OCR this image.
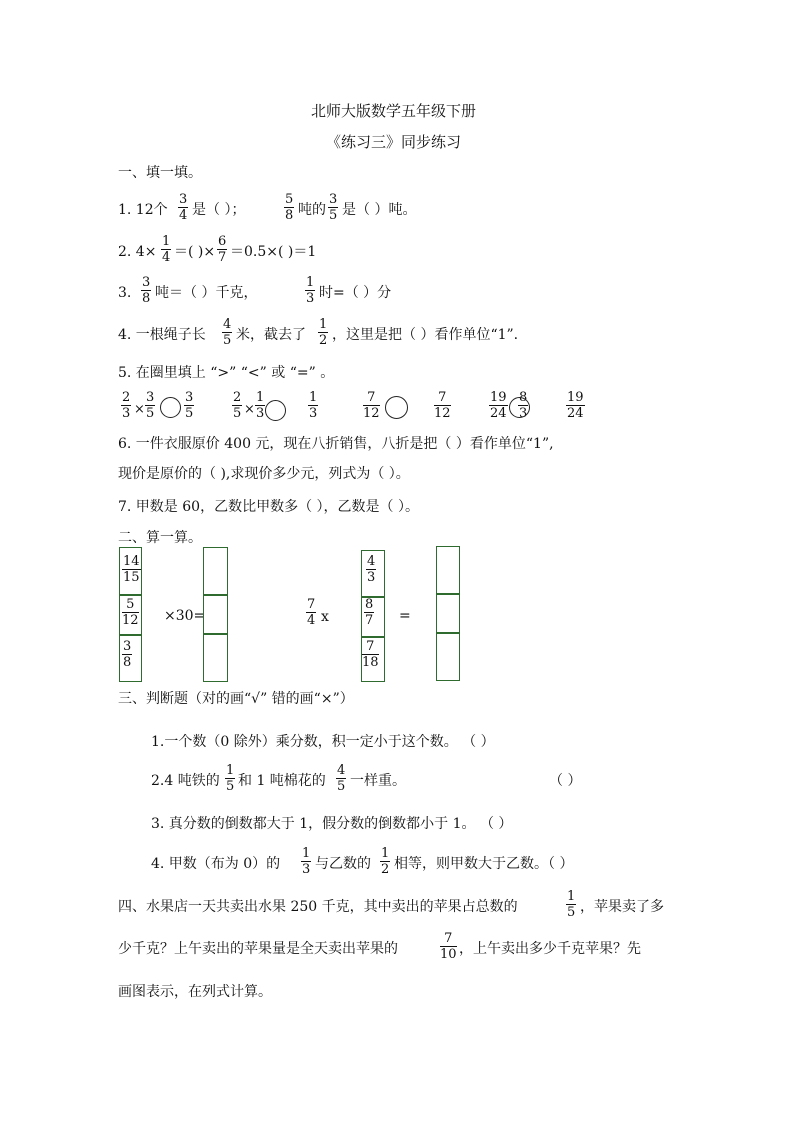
北师大版数学五年级下册
《练习三》同步练习
一、填一填。
1. 12个 $\frac{3}{4}$ 是（ ）；	$\frac{5}{8}$ 吨的 $\frac{3}{5}$ 是（ ）吨。
2. $4\times \frac{1}{4}$ ＝( )× $\frac{6}{7} =0.5\times$( )＝1
3. $\frac{3}{8}$ 吨＝（ ）千克，	$\frac{1}{3}$ 时=（ ）分
4. 一根绳子长 $\frac{4}{5}$ 米，截去了 $\frac{1}{2}$ ，这里是把（ ）看作单位“1”.
5. 在圈里填上 “>” “<” 或 “=” 。
$\frac{2}{3} \times \frac{3}{5} \frac{3}{5}$	$\frac{2}{5} \times \frac{1}{3}$	$\frac{1}{3}$	$\frac{7}{12}$	$\frac{7}{12}$	$\frac{19}{24} \frac{8}{3}$	$\frac{19}{24}$
6. 一件衣服原价 400 元，现在八折销售，八折是把（ ）看作单位“1”,
现价是原价的（ ),求现价多少元，列式为（ ）。
7. 甲数是 60，乙数比甲数多（ ），乙数是（ ）。
二、算一算。
$\frac{14}{15}$
$\frac{5}{12}$
$\frac{3}{8}$
×30=	$\frac{7}{4}$ x
$\frac{4}{3}$
$\frac{8}{7}$
$\frac{7}{18}$
=
三、判断题（对的画“√” 错的画“×”）
1.一个数（0 除外）乘分数，积一定小于这个数。 （ ）
2.4 吨铁的 $\frac{1}{5}$ 和 1 吨棉花的 $\frac{4}{5}$ 一样重。	（ ）
3. 真分数的倒数都大于 1，假分数的倒数都小于 1。 （ ）
4. 甲数（布为 0）的 $\frac{1}{3}$ 与乙数的 $\frac{1}{2}$ 相等，则甲数大于乙数。（ ）
四、水果店一天共卖出水果 250 千克，其中卖出的苹果占总数的	$\frac{1}{5}$ ，苹果卖了多
少千克？上午卖出的苹果量是全天卖出苹果的	$\frac{7}{10}$ ，上午卖出多少千克苹果？先
画图表示，在列式计算。
